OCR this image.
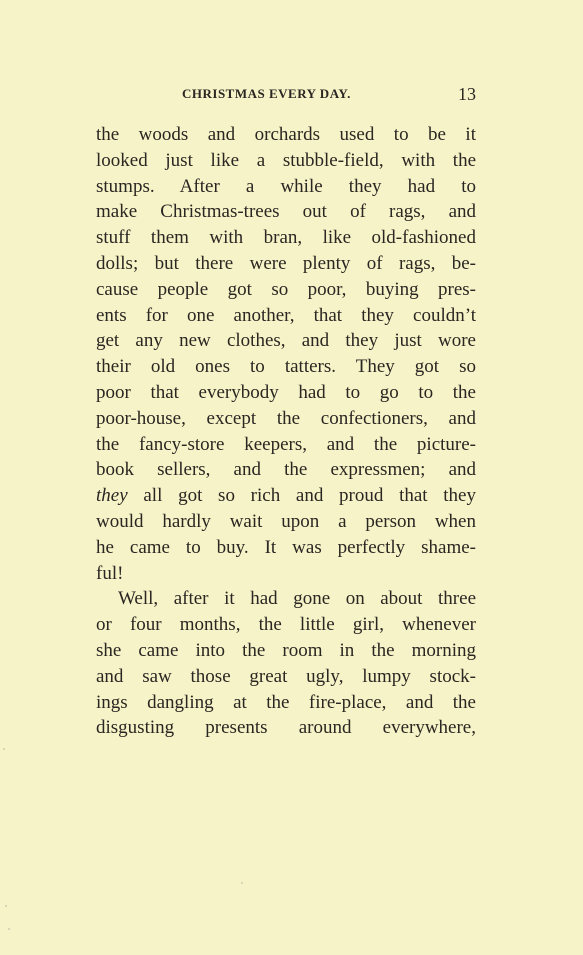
CHRISTMAS EVERY DAY.	13
the woods and orchards used to be it
looked just like a stubble-field, with the
stumps. After a while they had to
make Christmas-trees out of rags, and
stuff them with bran, like old-fashioned
dolls; but there were plenty of rags, be-
cause people got so poor, buying pres-
ents for one another, that they couldn’t
get any new clothes, and they just wore
their old ones to tatters. They got so
poor that everybody had to go to the
poor-house, except the confectioners, and
the fancy-store keepers, and the picture-
book sellers, and the expressmen; and
they all got so rich and proud that they
would hardly wait upon a person when
he came to buy. It was perfectly shame-
ful!
Well, after it had gone on about three
or four months, the little girl, whenever
she came into the room in the morning
and saw those great ugly, lumpy stock-
ings dangling at the fire-place, and the
disgusting presents around everywhere,
